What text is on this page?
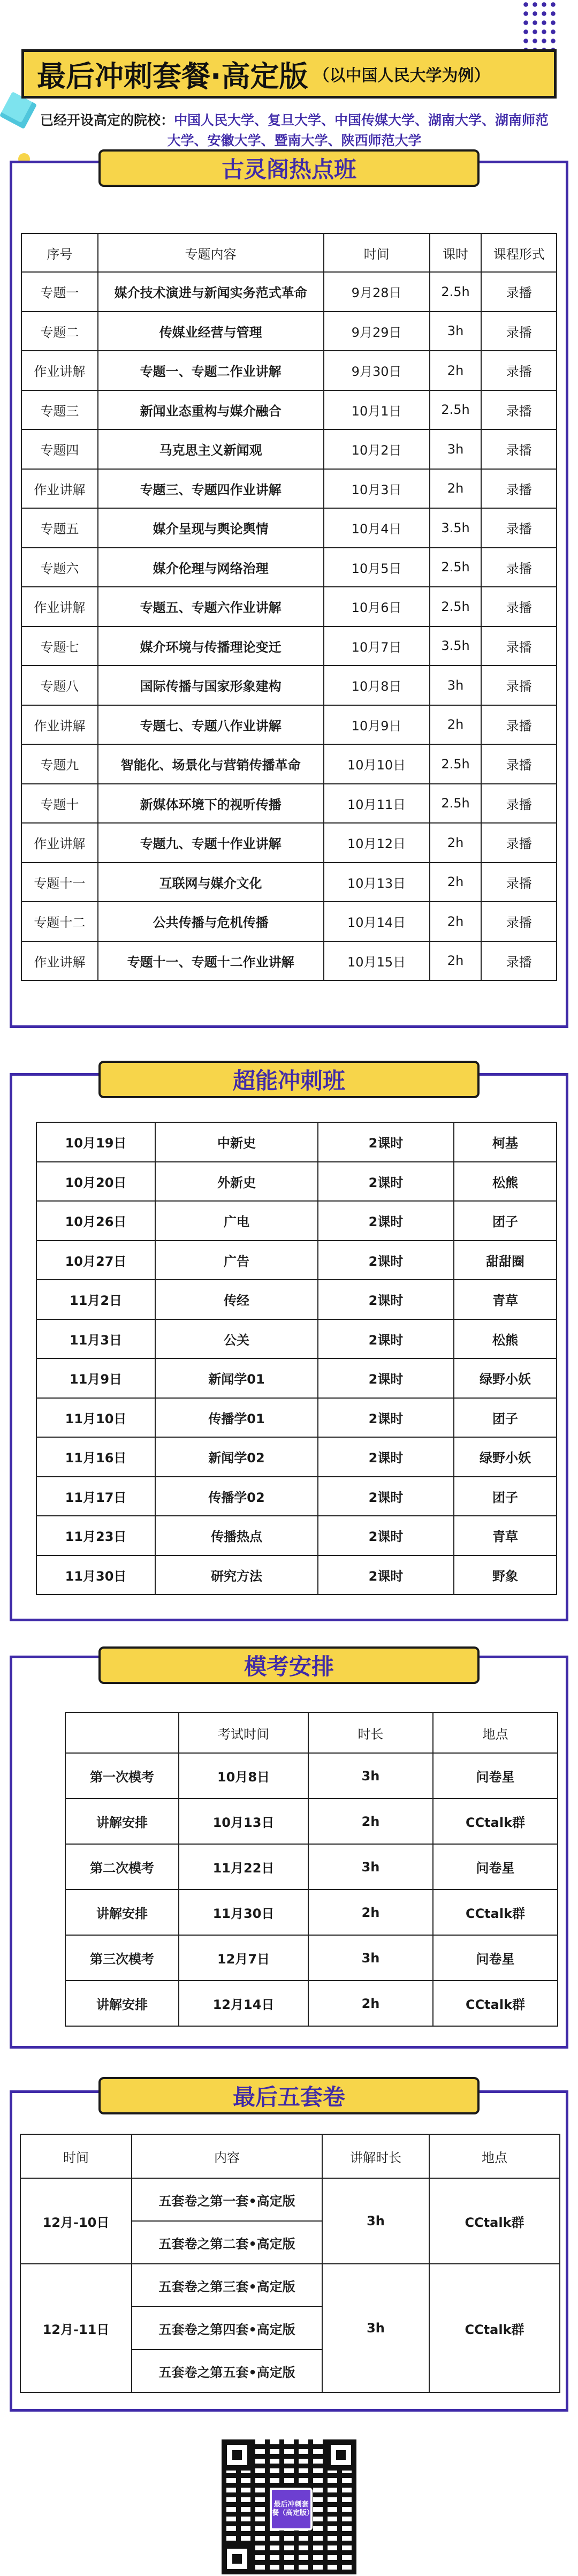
最后冲刺套餐·高定版 （以中国人民大学为例）
已经开设高定的院校：中国人民大学、复旦大学、中国传媒大学、湖南大学、湖南师范大学、安徽大学、暨南大学、陕西师范大学
古灵阁热点班
序号	专题内容	时间	课时	课程形式
专题一	媒介技术演进与新闻实务范式革命	9月28日	2.5h	录播
专题二	传媒业经营与管理	9月29日	3h	录播
作业讲解	专题一、专题二作业讲解	9月30日	2h	录播
专题三	新闻业态重构与媒介融合	10月1日	2.5h	录播
专题四	马克思主义新闻观	10月2日	3h	录播
作业讲解	专题三、专题四作业讲解	10月3日	2h	录播
专题五	媒介呈现与舆论舆情	10月4日	3.5h	录播
专题六	媒介伦理与网络治理	10月5日	2.5h	录播
作业讲解	专题五、专题六作业讲解	10月6日	2.5h	录播
专题七	媒介环境与传播理论变迁	10月7日	3.5h	录播
专题八	国际传播与国家形象建构	10月8日	3h	录播
作业讲解	专题七、专题八作业讲解	10月9日	2h	录播
专题九	智能化、场景化与营销传播革命	10月10日	2.5h	录播
专题十	新媒体环境下的视听传播	10月11日	2.5h	录播
作业讲解	专题九、专题十作业讲解	10月12日	2h	录播
专题十一	互联网与媒介文化	10月13日	2h	录播
专题十二	公共传播与危机传播	10月14日	2h	录播
作业讲解	专题十一、专题十二作业讲解	10月15日	2h	录播
超能冲刺班
10月19日	中新史	2课时	柯基
10月20日	外新史	2课时	松熊
10月26日	广电	2课时	团子
10月27日	广告	2课时	甜甜圈
11月2日	传经	2课时	青草
11月3日	公关	2课时	松熊
11月9日	新闻学01	2课时	绿野小妖
11月10日	传播学01	2课时	团子
11月16日	新闻学02	2课时	绿野小妖
11月17日	传播学02	2课时	团子
11月23日	传播热点	2课时	青草
11月30日	研究方法	2课时	野象
模考安排
	考试时间	时长	地点
第一次模考	10月8日	3h	问卷星
讲解安排	10月13日	2h	CCtalk群
第二次模考	11月22日	3h	问卷星
讲解安排	11月30日	2h	CCtalk群
第三次模考	12月7日	3h	问卷星
讲解安排	12月14日	2h	CCtalk群
最后五套卷
时间	内容	讲解时长	地点
12月-10日	五套卷之第一套•高定版	3h	CCtalk群
	五套卷之第二套•高定版		
12月-11日	五套卷之第三套•高定版	3h	CCtalk群
	五套卷之第四套•高定版		
	五套卷之第五套•高定版		
最后冲刺套餐（高定版）
